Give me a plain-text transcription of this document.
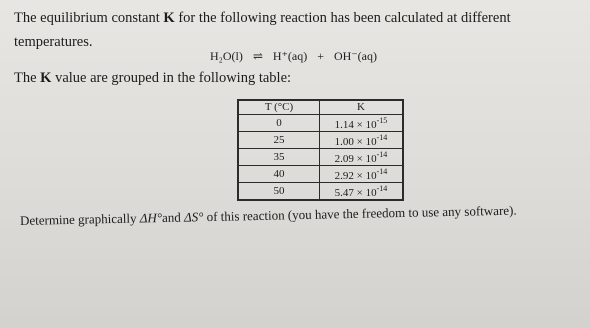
The equilibrium constant K for the following reaction has been calculated at different
temperatures.
H₂O(l) ⇌ H⁺(aq) + OH⁻(aq)
The K value are grouped in the following table:
T (°C)	K
0	$1.14 \times 10^{-15}$
25	$1.00 \times 10^{-14}$
35	$2.09 \times 10^{-14}$
40	$2.92 \times 10^{-14}$
50	$5.47 \times 10^{-14}$
Determine graphically ΔH°and ΔS° of this reaction (you have the freedom to use any software).
